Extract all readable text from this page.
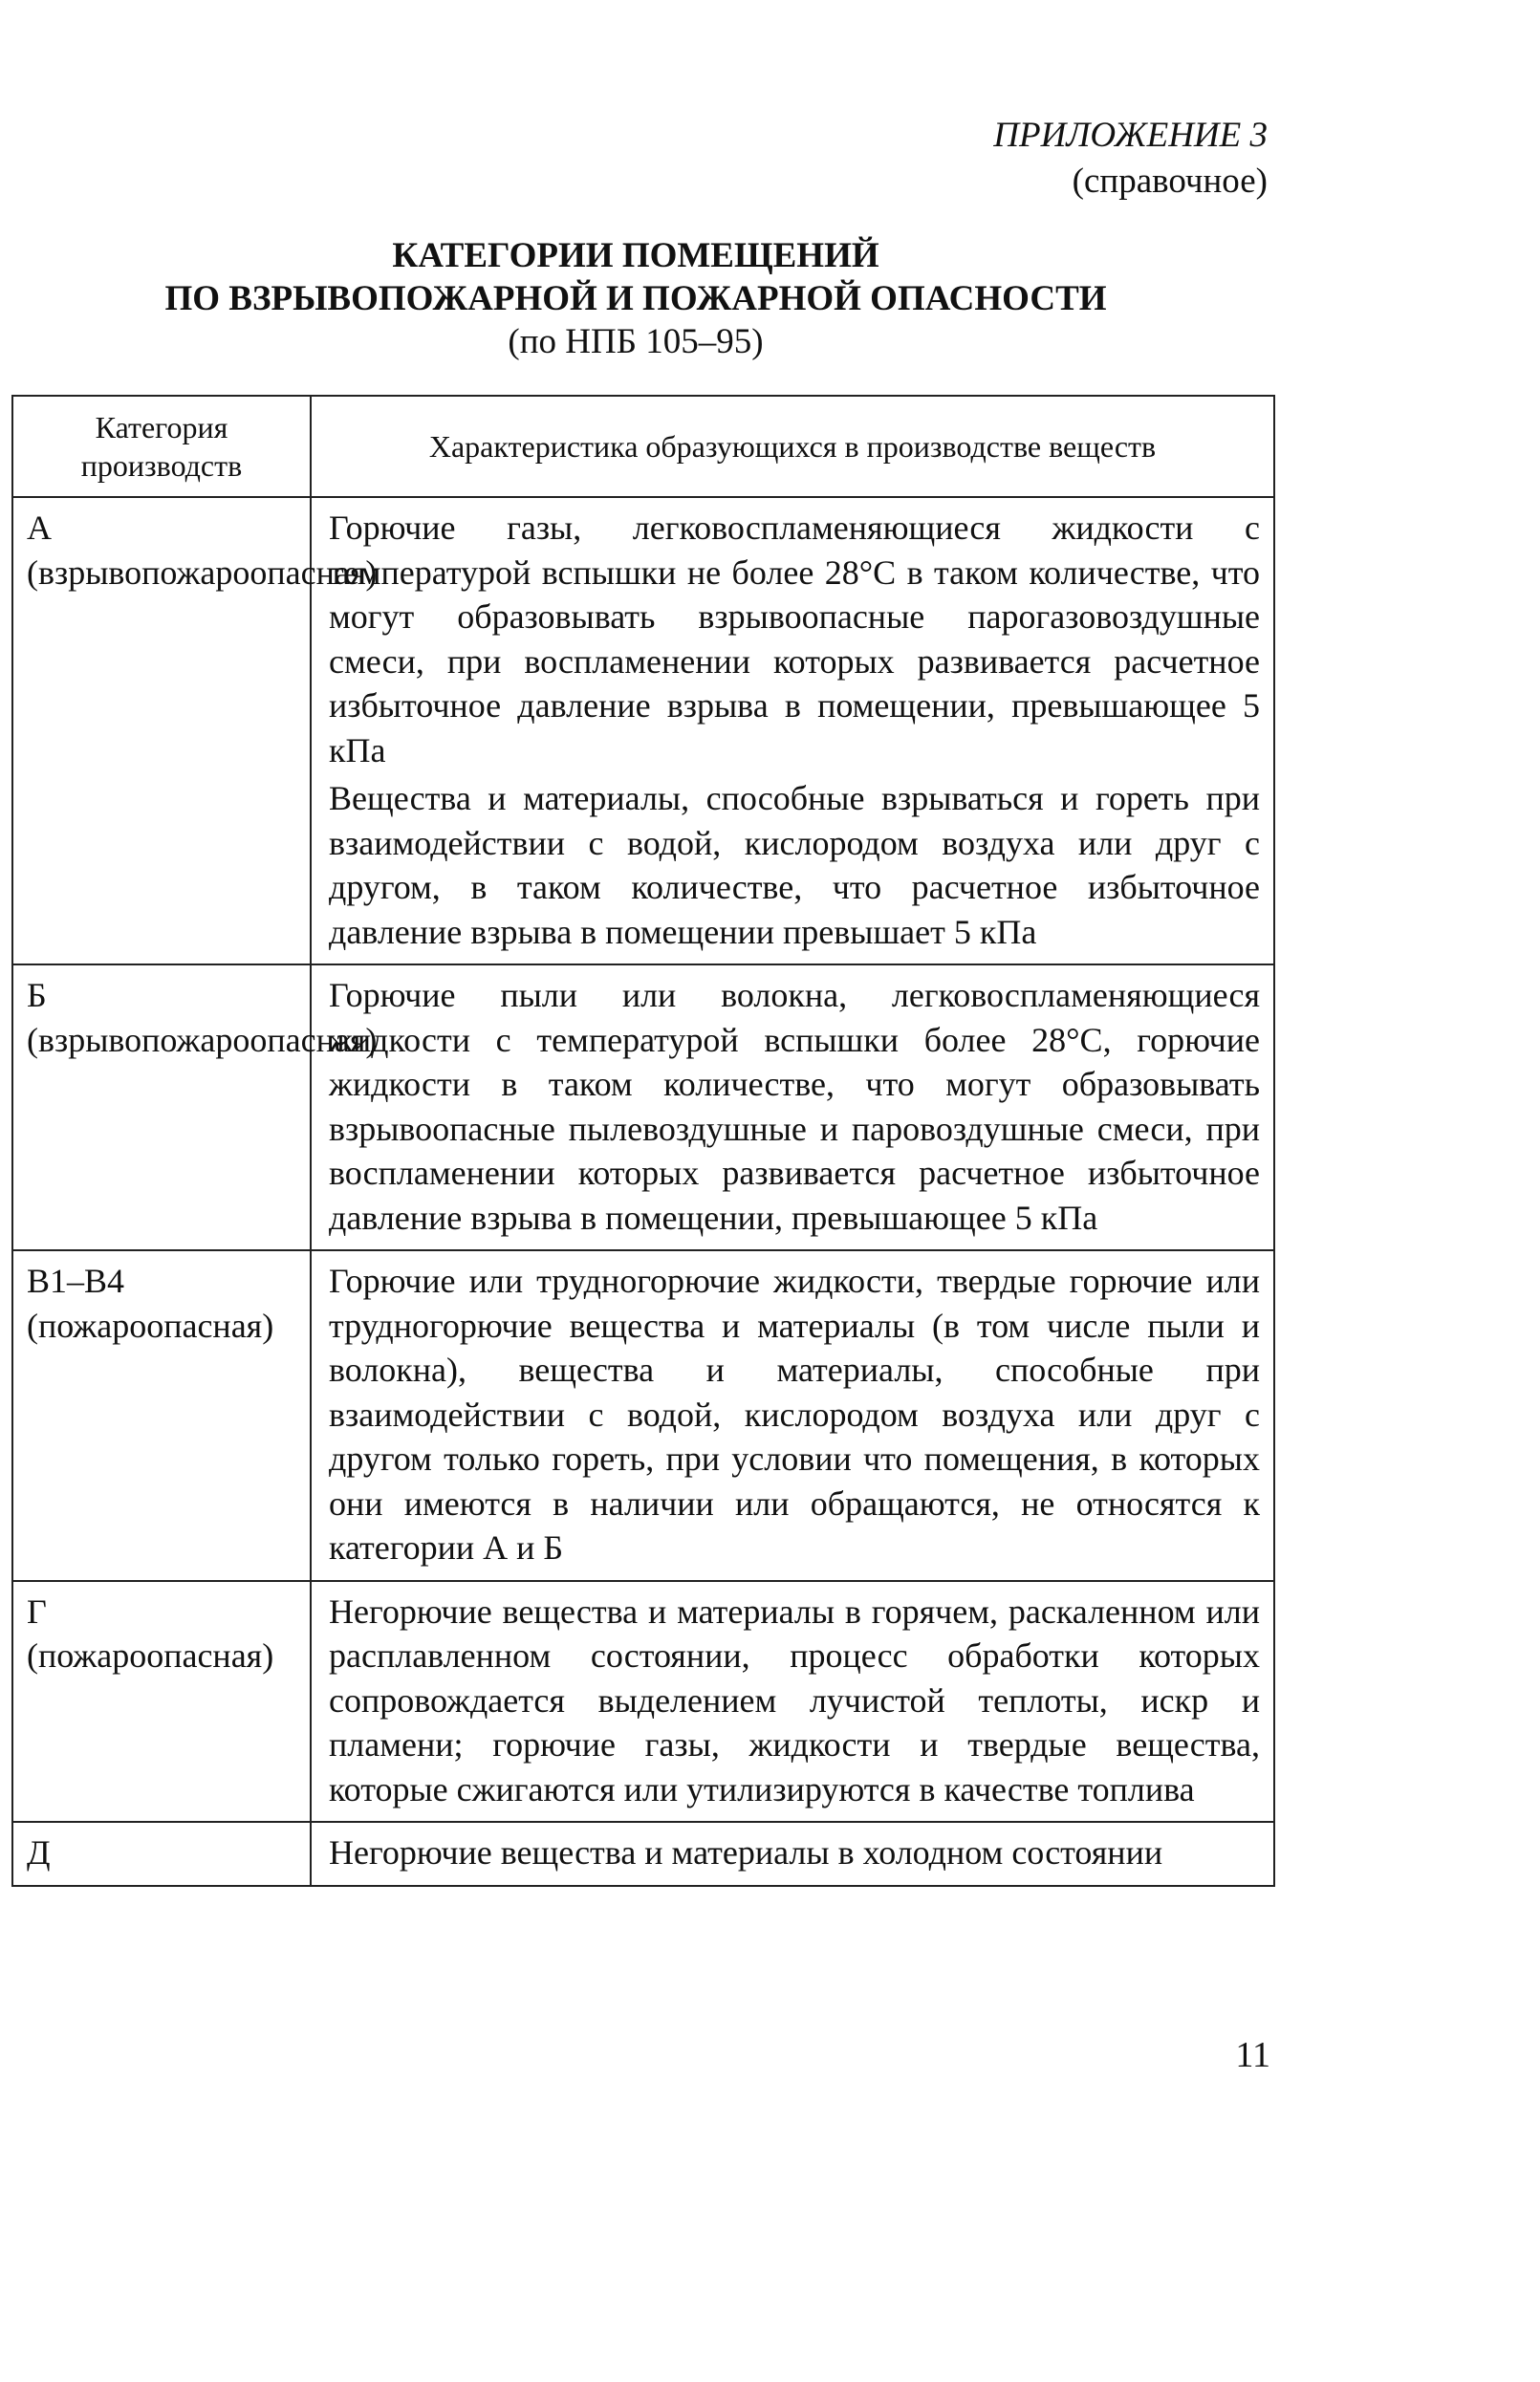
ПРИЛОЖЕНИЕ 3
(справочное)
КАТЕГОРИИ ПОМЕЩЕНИЙ
ПО ВЗРЫВОПОЖАРНОЙ И ПОЖАРНОЙ ОПАСНОСТИ
(по НПБ 105–95)
Категория производств	Характеристика образующихся в производстве веществ
А (взрывопожароопасная)	Горючие газы, легковоспламеняющиеся жидкости с температурой вспышки не более 28°С в таком количестве, что могут образовывать взрывоопасные парогазовоздушные смеси, при воспламенении которых развивается расчетное избыточное давление взрыва в помещении, превышающее 5 кПа

Вещества и материалы, способные взрываться и гореть при взаимодействии с водой, кислородом воздуха или друг с другом, в таком количестве, что расчетное избыточное давление взрыва в помещении превышает 5 кПа

Б (взрывопожароопасная)	Горючие пыли или волокна, легковоспламеняющиеся жидкости с температурой вспышки более 28°С, горючие жидкости в таком количестве, что могут образовывать взрывоопасные пылевоздушные и паровоздушные смеси, при воспламенении которых развивается расчетное избыточное давление взрыва в помещении, превышающее 5 кПа

В1–В4 (пожароопасная)	Горючие или трудногорючие жидкости, твердые горючие или трудногорючие вещества и материалы (в том числе пыли и волокна), вещества и материалы, способные при взаимодействии с водой, кислородом воздуха или друг с другом только гореть, при условии что помещения, в которых они имеются в наличии или обращаются, не относятся к категории А и Б

Г (пожароопасная)	Негорючие вещества и материалы в горячем, раскаленном или расплавленном состоянии, процесс обработки которых сопровождается выделением лучистой теплоты, искр и пламени; горючие газы, жидкости и твердые вещества, которые сжигаются или утилизируются в качестве топлива

Д	Негорючие вещества и материалы в холодном состоянии

11
